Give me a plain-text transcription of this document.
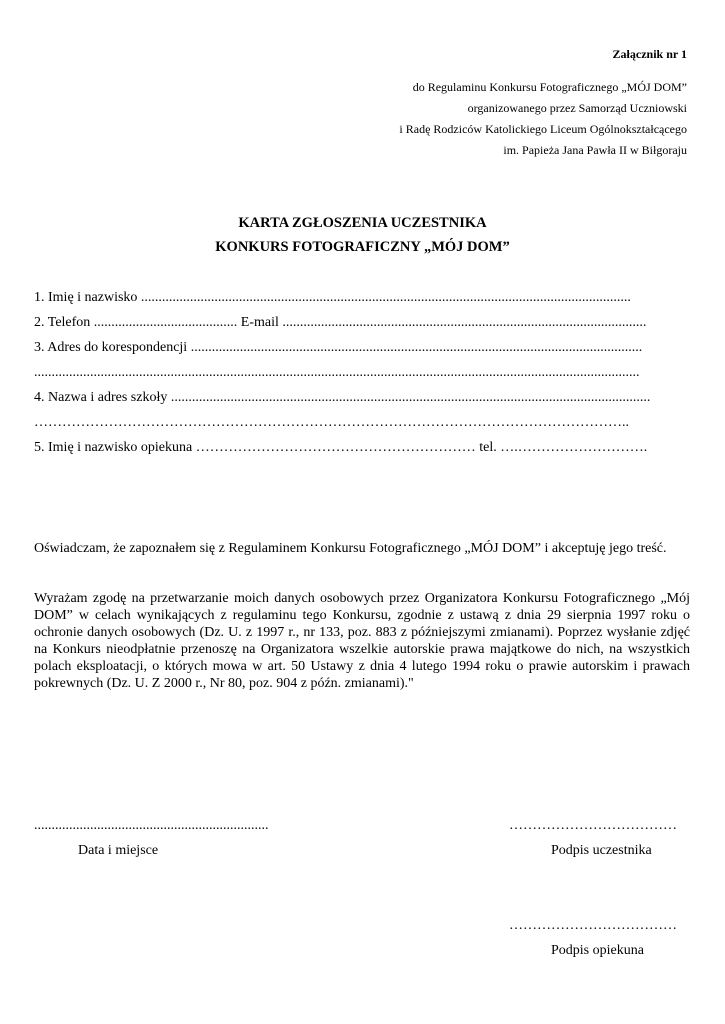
Załącznik nr 1
do Regulaminu Konkursu Fotograficznego „MÓJ DOM”
organizowanego przez Samorząd Uczniowski
i Radę Rodziców Katolickiego Liceum Ogólnokształcącego
im. Papieża Jana Pawła II w Biłgoraju
KARTA ZGŁOSZENIA UCZESTNIKA
KONKURS FOTOGRAFICZNY „MÓJ DOM”
1. Imię i nazwisko ............................................................................................................................................
2. Telefon ......................................... E-mail ........................................................................................................
3. Adres do korespondencji .................................................................................................................................
.............................................................................................................................................................................
4. Nazwa i adres szkoły .........................................................................................................................................
………………………………………………………………………………………………………………..
5. Imię i nazwisko opiekuna …………………………………………………… tel. ….……………………….
Oświadczam, że zapoznałem się z Regulaminem Konkursu Fotograficznego „MÓJ DOM” i akceptuję jego treść.
Wyrażam zgodę na przetwarzanie moich danych osobowych przez Organizatora Konkursu Fotograficznego „Mój DOM” w celach wynikających z regulaminu tego Konkursu, zgodnie z ustawą z dnia 29 sierpnia 1997 roku o ochronie danych osobowych (Dz. U. z 1997 r., nr 133, poz. 883 z późniejszymi zmianami). Poprzez wysłanie zdjęć na Konkurs nieodpłatnie przenoszę na Organizatora wszelkie autorskie prawa majątkowe do nich, na wszystkich polach eksploatacji, o których mowa w art. 50 Ustawy z dnia 4 lutego 1994 roku o prawie autorskim i prawach pokrewnych (Dz. U. Z 2000 r., Nr 80, poz. 904 z późn. zmianami)."
...................................................................
Data i miejsce
………………………………
Podpis uczestnika
………………………………
Podpis opiekuna
